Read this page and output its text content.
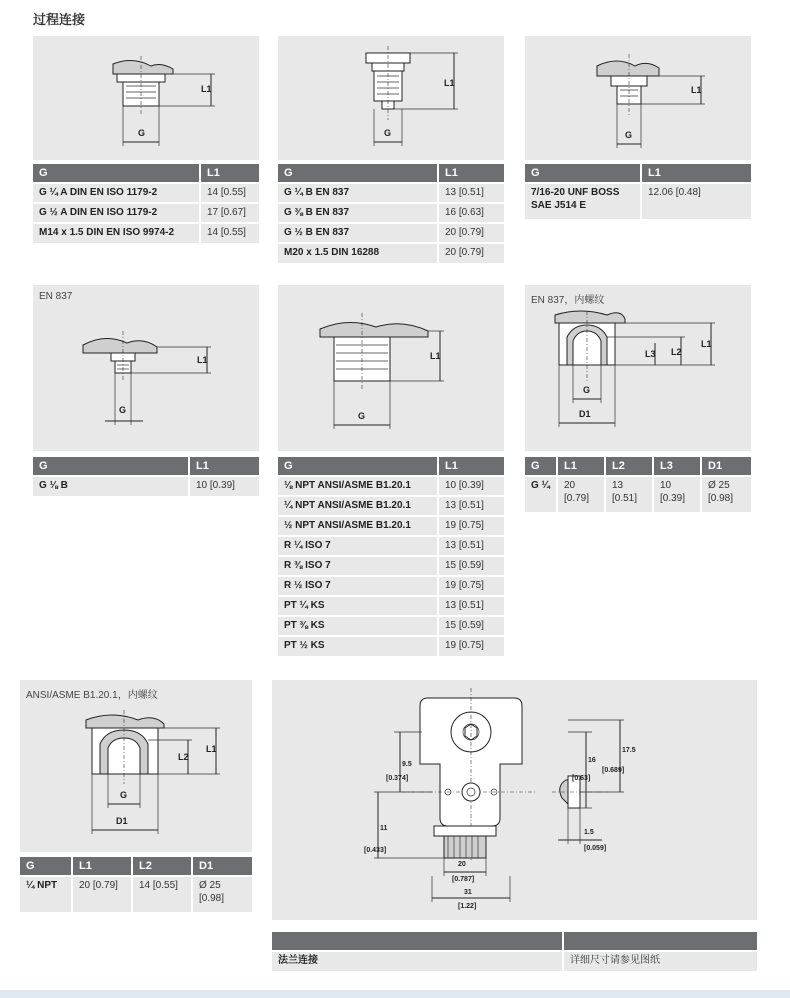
过程连接
L1
G
G	L1
G ¼ A DIN EN ISO 1179-2	14 [0.55]
G ½ A DIN EN ISO 1179-2	17 [0.67]
M14 x 1.5 DIN EN ISO 9974-2	14 [0.55]
L1
G
G	L1
G ¼ B EN 837	13 [0.51]
G ⅜ B EN 837	16 [0.63]
G ½ B EN 837	20 [0.79]
M20 x 1.5 DIN 16288	20 [0.79]
L1
G
G	L1
7/16-20 UNF BOSS SAE J514 E	12.06 [0.48]
EN 837
L1
G
G	L1
G ⅛ B	10 [0.39]
L1
G
G	L1
⅛ NPT ANSI/ASME B1.20.1	10 [0.39]
¼ NPT ANSI/ASME B1.20.1	13 [0.51]
½ NPT ANSI/ASME B1.20.1	19 [0.75]
R ¼ ISO 7	13 [0.51]
R ⅜ ISO 7	15 [0.59]
R ½ ISO 7	19 [0.75]
PT ¼ KS	13 [0.51]
PT ⅜ KS	15 [0.59]
PT ½ KS	19 [0.75]
EN 837，内螺纹
L1
L2
L3
G
D1
G	L1	L2	L3	D1
G ¼	20 [0.79]	13 [0.51]	10 [0.39]	Ø 25 [0.98]
ANSI/ASME B1.20.1，内螺纹
L1
L2
G
D1
G	L1	L2	D1
¼ NPT	20 [0.79]	14 [0.55]	Ø 25 [0.98]
20
[0.787]
31
[1.22]
11
[0.433]
9.5
[0.374]
16
[0.63]
17.5
[0.689]
1.5
[0.059]

法兰连接	详细尺寸请参见图纸
